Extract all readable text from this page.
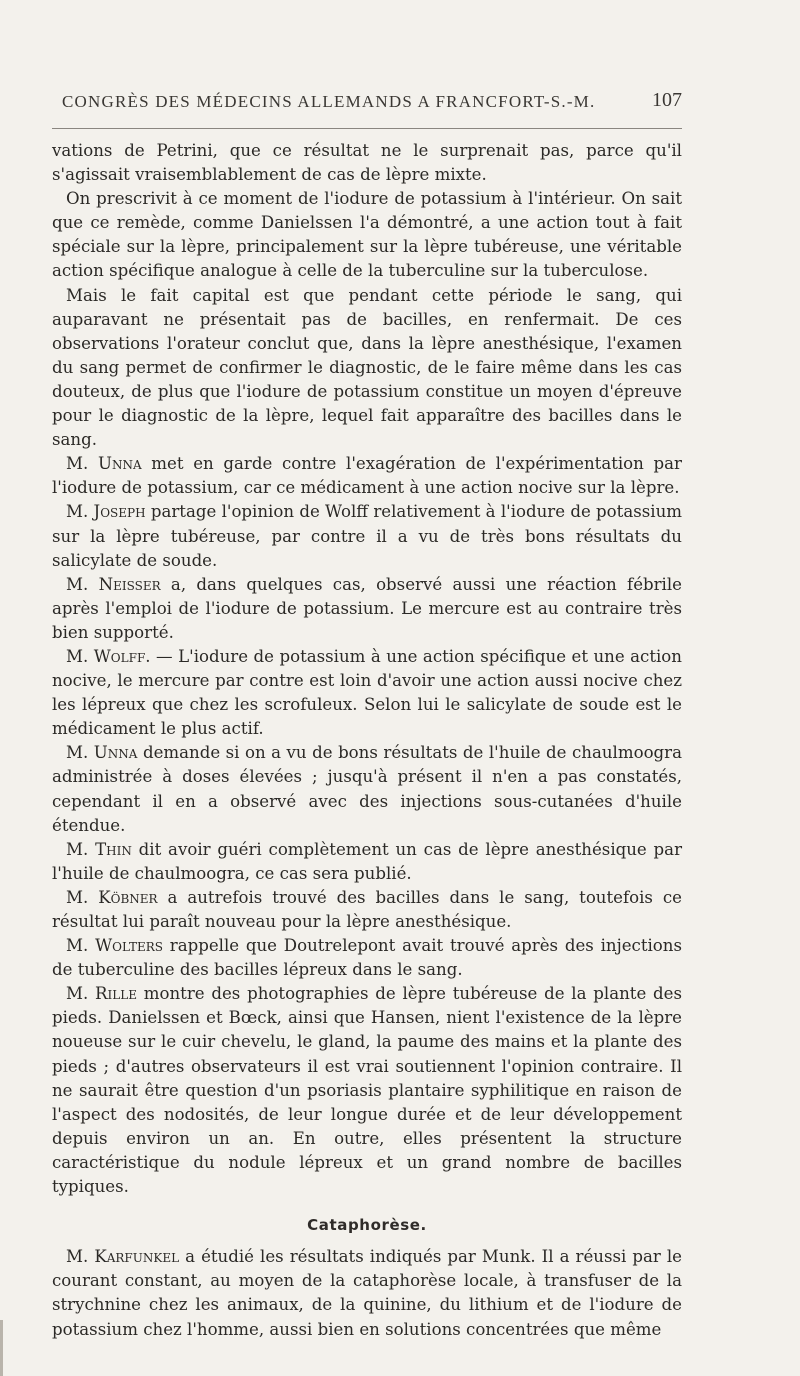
CONGRÈS DES MÉDECINS ALLEMANDS A FRANCFORT-S.-M.	107

vations de Petrini, que ce résultat ne le surprenait pas, parce qu'il s'agissait vraisemblablement de cas de lèpre mixte.

On prescrivit à ce moment de l'iodure de potassium à l'intérieur. On sait que ce remède, comme Danielssen l'a démontré, a une action tout à fait spéciale sur la lèpre, principalement sur la lèpre tubéreuse, une véritable action spécifique analogue à celle de la tuberculine sur la tuberculose.

Mais le fait capital est que pendant cette période le sang, qui auparavant ne présentait pas de bacilles, en renfermait. De ces observations l'orateur conclut que, dans la lèpre anesthésique, l'examen du sang permet de confirmer le diagnostic, de le faire même dans les cas douteux, de plus que l'iodure de potassium constitue un moyen d'épreuve pour le diagnostic de la lèpre, lequel fait apparaître des bacilles dans le sang.

M. Unna met en garde contre l'exagération de l'expérimentation par l'iodure de potassium, car ce médicament à une action nocive sur la lèpre.

M. Joseph partage l'opinion de Wolff relativement à l'iodure de potassium sur la lèpre tubéreuse, par contre il a vu de très bons résultats du salicylate de soude.

M. Neisser a, dans quelques cas, observé aussi une réaction fébrile après l'emploi de l'iodure de potassium. Le mercure est au contraire très bien supporté.

M. Wolff. — L'iodure de potassium à une action spécifique et une action nocive, le mercure par contre est loin d'avoir une action aussi nocive chez les lépreux que chez les scrofuleux. Selon lui le salicylate de soude est le médicament le plus actif.

M. Unna demande si on a vu de bons résultats de l'huile de chaulmoogra administrée à doses élevées ; jusqu'à présent il n'en a pas constatés, cependant il en a observé avec des injections sous-cutanées d'huile étendue.

M. Thin dit avoir guéri complètement un cas de lèpre anesthésique par l'huile de chaulmoogra, ce cas sera publié.

M. Köbner a autrefois trouvé des bacilles dans le sang, toutefois ce résultat lui paraît nouveau pour la lèpre anesthésique.

M. Wolters rappelle que Doutrelepont avait trouvé après des injections de tuberculine des bacilles lépreux dans le sang.

M. Rille montre des photographies de lèpre tubéreuse de la plante des pieds. Danielssen et Bœck, ainsi que Hansen, nient l'existence de la lèpre noueuse sur le cuir chevelu, le gland, la paume des mains et la plante des pieds ; d'autres observateurs il est vrai soutiennent l'opinion contraire. Il ne saurait être question d'un psoriasis plantaire syphilitique en raison de l'aspect des nodosités, de leur longue durée et de leur développement depuis environ un an. En outre, elles présentent la structure caractéristique du nodule lépreux et un grand nombre de bacilles typiques.

Cataphorèse.

M. Karfunkel a étudié les résultats indiqués par Munk. Il a réussi par le courant constant, au moyen de la cataphorèse locale, à transfuser de la strychnine chez les animaux, de la quinine, du lithium et de l'iodure de potassium chez l'homme, aussi bien en solutions concentrées que même
